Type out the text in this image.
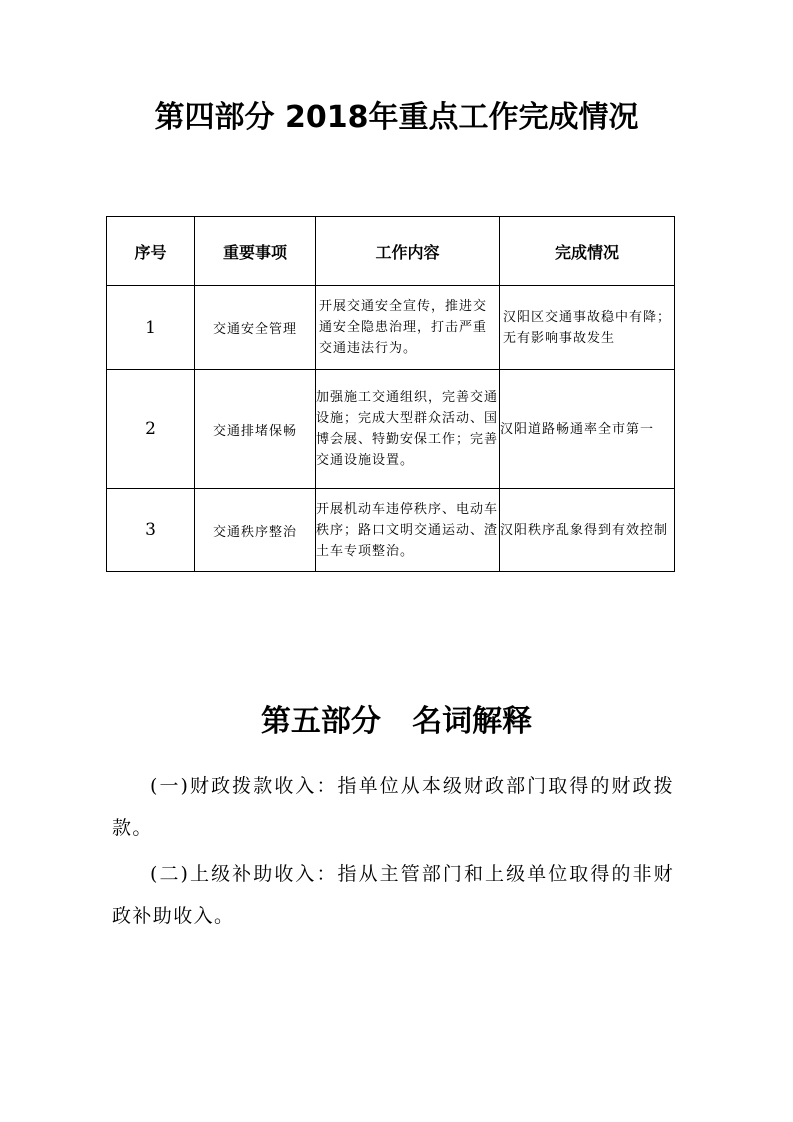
第四部分 2018年重点工作完成情况
序号	重要事项	工作内容	完成情况
1	交通安全管理	开展交通安全宣传，推进交通安全隐患治理，打击严重交通违法行为。	汉阳区交通事故稳中有降；无有影响事故发生
2	交通排堵保畅	加强施工交通组织，完善交通设施；完成大型群众活动、国博会展、特勤安保工作；完善交通设施设置。	汉阳道路畅通率全市第一
3	交通秩序整治	开展机动车违停秩序、电动车秩序；路口文明交通运动、渣土车专项整治。	汉阳秩序乱象得到有效控制
第五部分   名词解释

(一)财政拨款收入：指单位从本级财政部门取得的财政拨款。

(二)上级补助收入：指从主管部门和上级单位取得的非财政补助收入。
